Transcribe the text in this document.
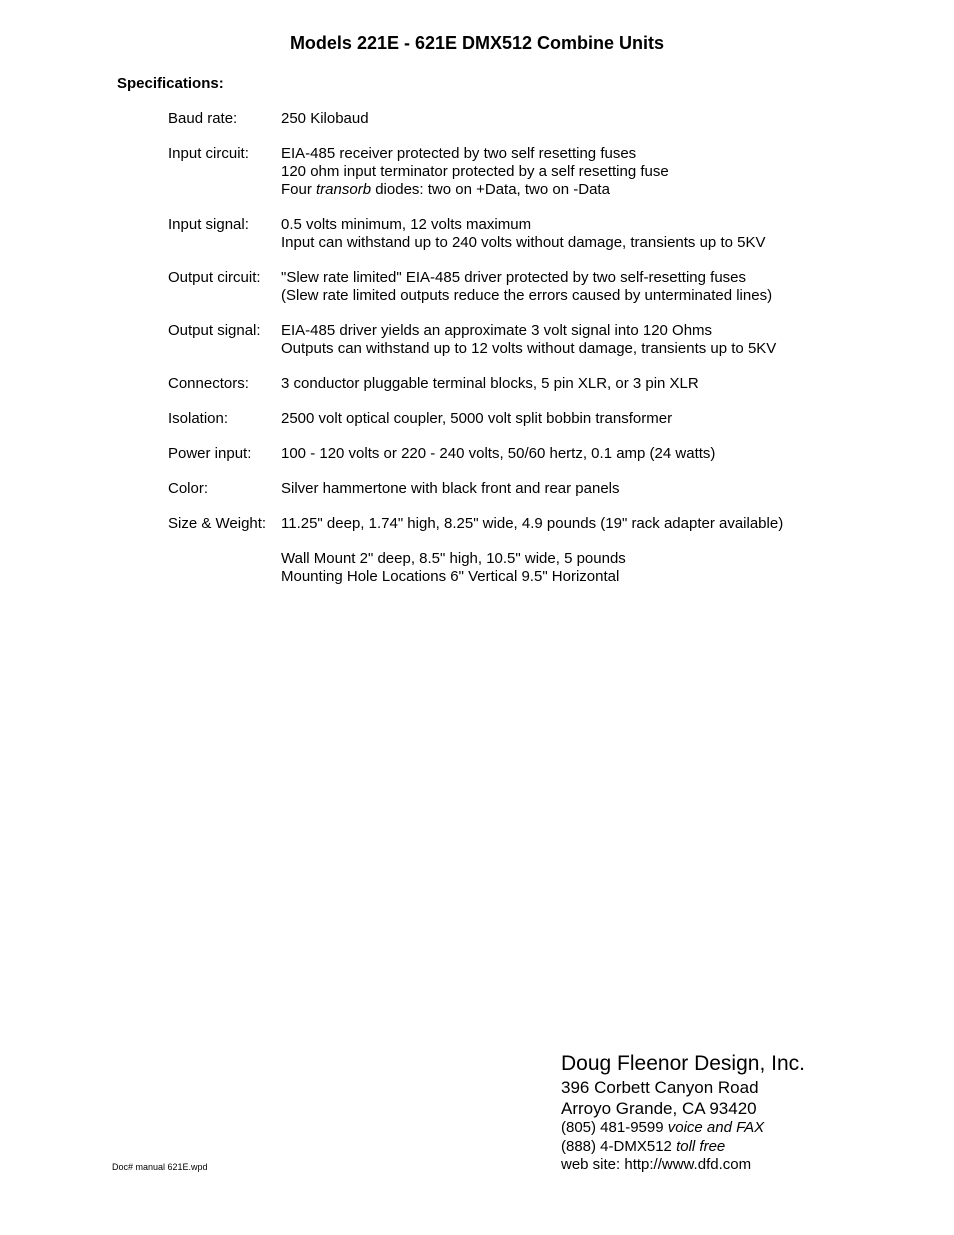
Models 221E - 621E DMX512 Combine Units
Specifications:
Baud rate:	250 Kilobaud
Input circuit:	EIA-485 receiver protected by two self resetting fuses
120 ohm input terminator protected by a self resetting fuse
Four transorb diodes: two on +Data, two on -Data
Input signal:	0.5 volts minimum, 12 volts maximum
Input can withstand up to 240 volts without damage, transients up to 5KV
Output circuit:	"Slew rate limited" EIA-485 driver protected by two self-resetting fuses
(Slew rate limited outputs reduce the errors caused by unterminated lines)
Output signal:	EIA-485 driver yields an approximate 3 volt signal into 120 Ohms
Outputs can withstand up to 12 volts without damage, transients up to 5KV
Connectors:	3 conductor pluggable terminal blocks, 5 pin XLR, or 3 pin XLR
Isolation:	2500 volt optical coupler, 5000 volt split bobbin transformer
Power input:	100 - 120 volts or 220 - 240 volts, 50/60 hertz, 0.1 amp (24 watts)
Color:	Silver hammertone with black front and rear panels
Size & Weight: 11.25" deep, 1.74" high, 8.25" wide, 4.9 pounds (19" rack adapter available)
Wall Mount 2" deep, 8.5" high, 10.5" wide, 5 pounds
Mounting Hole Locations 6" Vertical 9.5" Horizontal
Doug Fleenor Design, Inc.
396 Corbett Canyon Road
Arroyo Grande, CA 93420
(805) 481-9599 voice and FAX
(888) 4-DMX512 toll free
web site: http://www.dfd.com
Doc# manual 621E.wpd
